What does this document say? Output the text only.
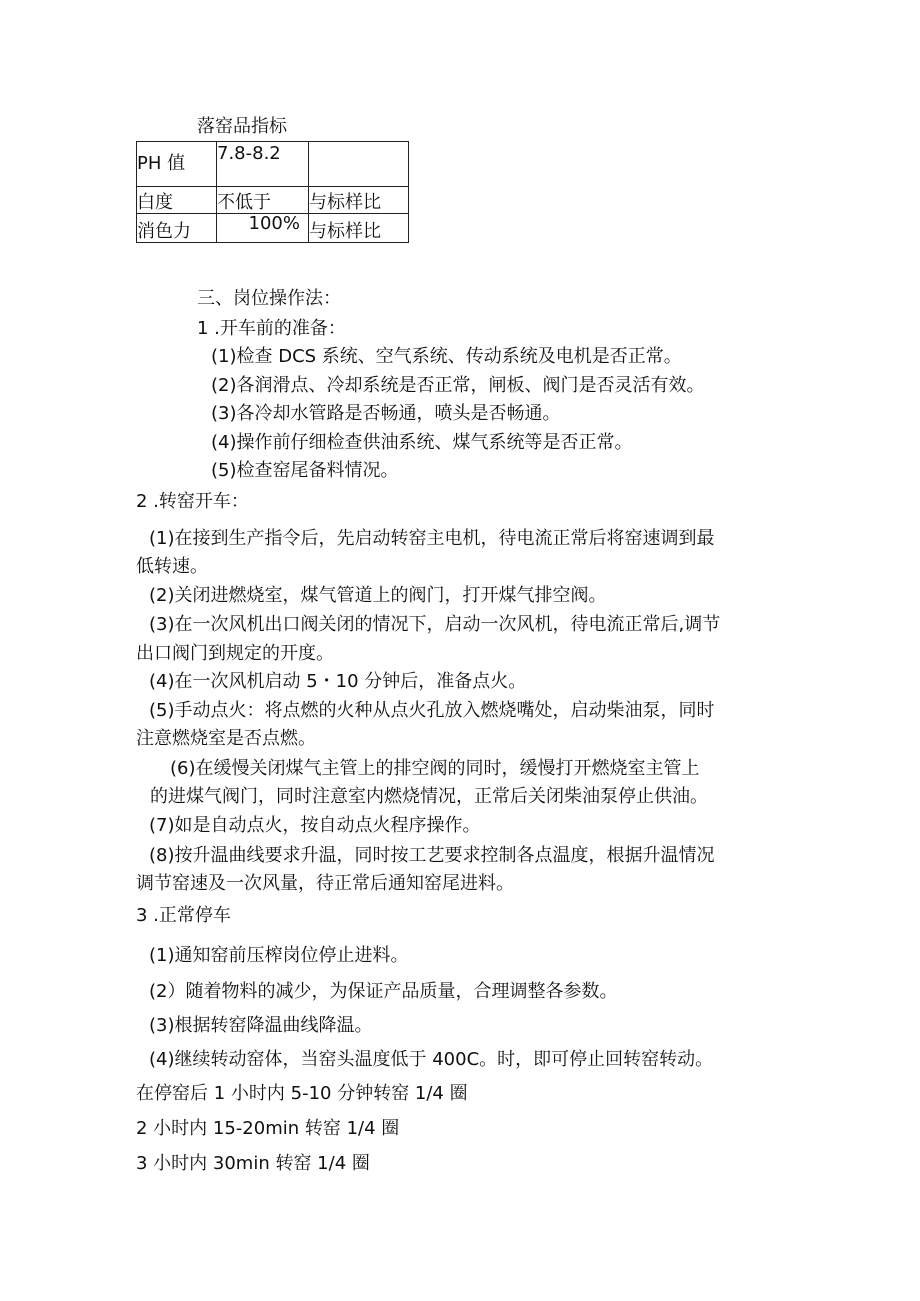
落窑品指标
PH 值	7.8-8.2	
白度	不低于	与标样比
消色力	100%	与标样比
三、岗位操作法：
1 .开车前的准备：
(1)检查 DCS 系统、空气系统、传动系统及电机是否正常。
(2)各润滑点、冷却系统是否正常，闸板、阀门是否灵活有效。
(3)各冷却水管路是否畅通，喷头是否畅通。
(4)操作前仔细检查供油系统、煤气系统等是否正常。
(5)检查窑尾备料情况。
2 .转窑开车：
(1)在接到生产指令后，先启动转窑主电机，待电流正常后将窑速调到最
低转速。
(2)关闭进燃烧室，煤气管道上的阀门，打开煤气排空阀。
(3)在一次风机出口阀关闭的情况下，启动一次风机，待电流正常后,调节
出口阀门到规定的开度。
(4)在一次风机启动 5・10 分钟后，准备点火。
(5)手动点火：将点燃的火种从点火孔放入燃烧嘴处，启动柴油泵，同时
注意燃烧室是否点燃。
(6)在缓慢关闭煤气主管上的排空阀的同时，缓慢打开燃烧室主管上
的进煤气阀门，同时注意室内燃烧情况，正常后关闭柴油泵停止供油。
(7)如是自动点火，按自动点火程序操作。
(8)按升温曲线要求升温，同时按工艺要求控制各点温度，根据升温情况
调节窑速及一次风量，待正常后通知窑尾进料。
3 .正常停车
(1)通知窑前压榨岗位停止进料。
(2）随着物料的减少，为保证产品质量，合理调整各参数。
(3)根据转窑降温曲线降温。
(4)继续转动窑体，当窑头温度低于 400C。时，即可停止回转窑转动。
在停窑后 1 小时内 5-10 分钟转窑 1/4 圈
2 小时内 15-20min 转窑 1/4 圈
3 小时内 30min 转窑 1/4 圈
